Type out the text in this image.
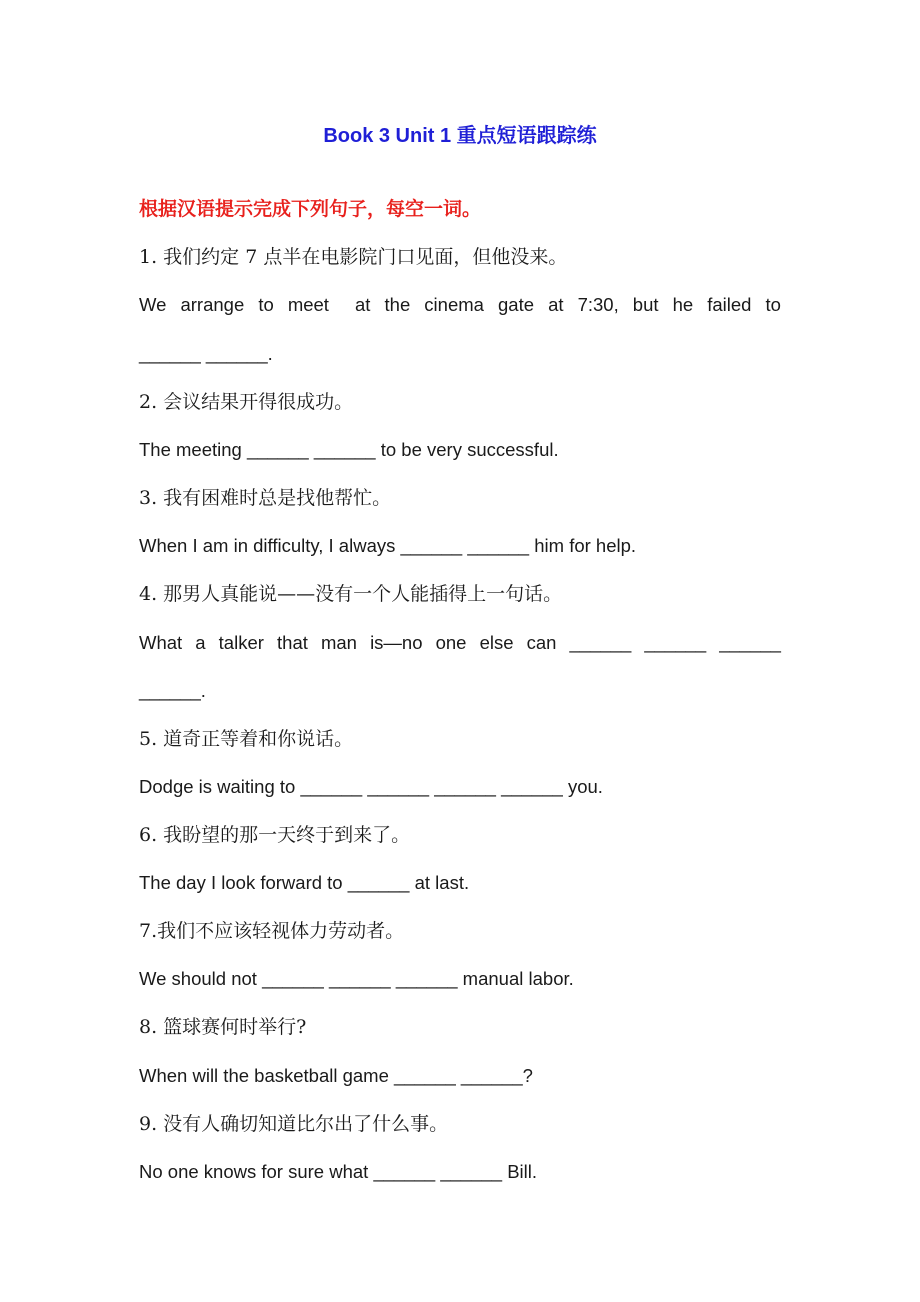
Book 3 Unit 1 重点短语跟踪练
根据汉语提示完成下列句子，每空一词。
1. 我们约定 7 点半在电影院门口见面，但他没来。
We arrange to meet at the cinema gate at 7:30, but he failed to
______ ______.
2. 会议结果开得很成功。
The meeting ______ ______ to be very successful.
3. 我有困难时总是找他帮忙。
When I am in difficulty, I always ______ ______ him for help.
4. 那男人真能说——没有一个人能插得上一句话。
What a talker that man is—no one else can ______ ______ ______
______.
5. 道奇正等着和你说话。
Dodge is waiting to ______ ______ ______ ______ you.
6. 我盼望的那一天终于到来了。
The day I look forward to ______ at last.
7.我们不应该轻视体力劳动者。
We should not ______ ______ ______ manual labor.
8. 篮球赛何时举行?
When will the basketball game ______ ______?
9. 没有人确切知道比尔出了什么事。
No one knows for sure what ______ ______ Bill.
